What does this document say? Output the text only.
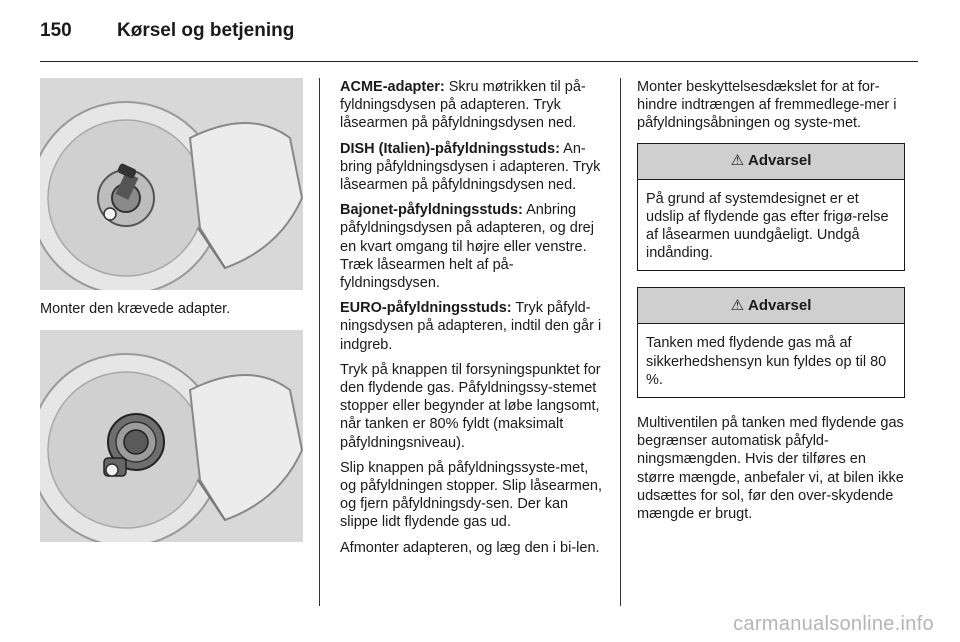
150 Kørsel og betjening
Monter den krævede adapter.

ACME-adapter: Skru møtrikken til på-fyldningsdysen på adapteren. Tryk låsearmen på påfyldningsdysen ned.

DISH (Italien)-påfyldningsstuds: An-bring påfyldningsdysen i adapteren. Tryk låsearmen på påfyldningsdysen ned.

Bajonet-påfyldningsstuds: Anbring påfyldningsdysen på adapteren, og drej en kvart omgang til højre eller venstre. Træk låsearmen helt af på-fyldningsdysen.

EURO-påfyldningsstuds: Tryk påfyld-ningsdysen på adapteren, indtil den går i indgreb.

Tryk på knappen til forsyningspunktet for den flydende gas. Påfyldningssy-stemet stopper eller begynder at løbe langsomt, når tanken er 80% fyldt (maksimalt påfyldningsniveau).

Slip knappen på påfyldningssyste-met, og påfyldningen stopper. Slip låsearmen, og fjern påfyldningsdy-sen. Der kan slippe lidt flydende gas ud.

Afmonter adapteren, og læg den i bi-len.

Monter beskyttelsesdækslet for at for-hindre indtrængen af fremmedlege-mer i påfyldningsåbningen og syste-met.

⚠ Advarsel
På grund af systemdesignet er et udslip af flydende gas efter frigø-relse af låsearmen uundgåeligt. Undgå indånding.
⚠ Advarsel
Tanken med flydende gas må af sikkerhedshensyn kun fyldes op til 80 %.

Multiventilen på tanken med flydende gas begrænser automatisk påfyld-ningsmængden. Hvis der tilføres en større mængde, anbefaler vi, at bilen ikke udsættes for sol, før den over-skydende mængde er brugt.

carmanualsonline.info
